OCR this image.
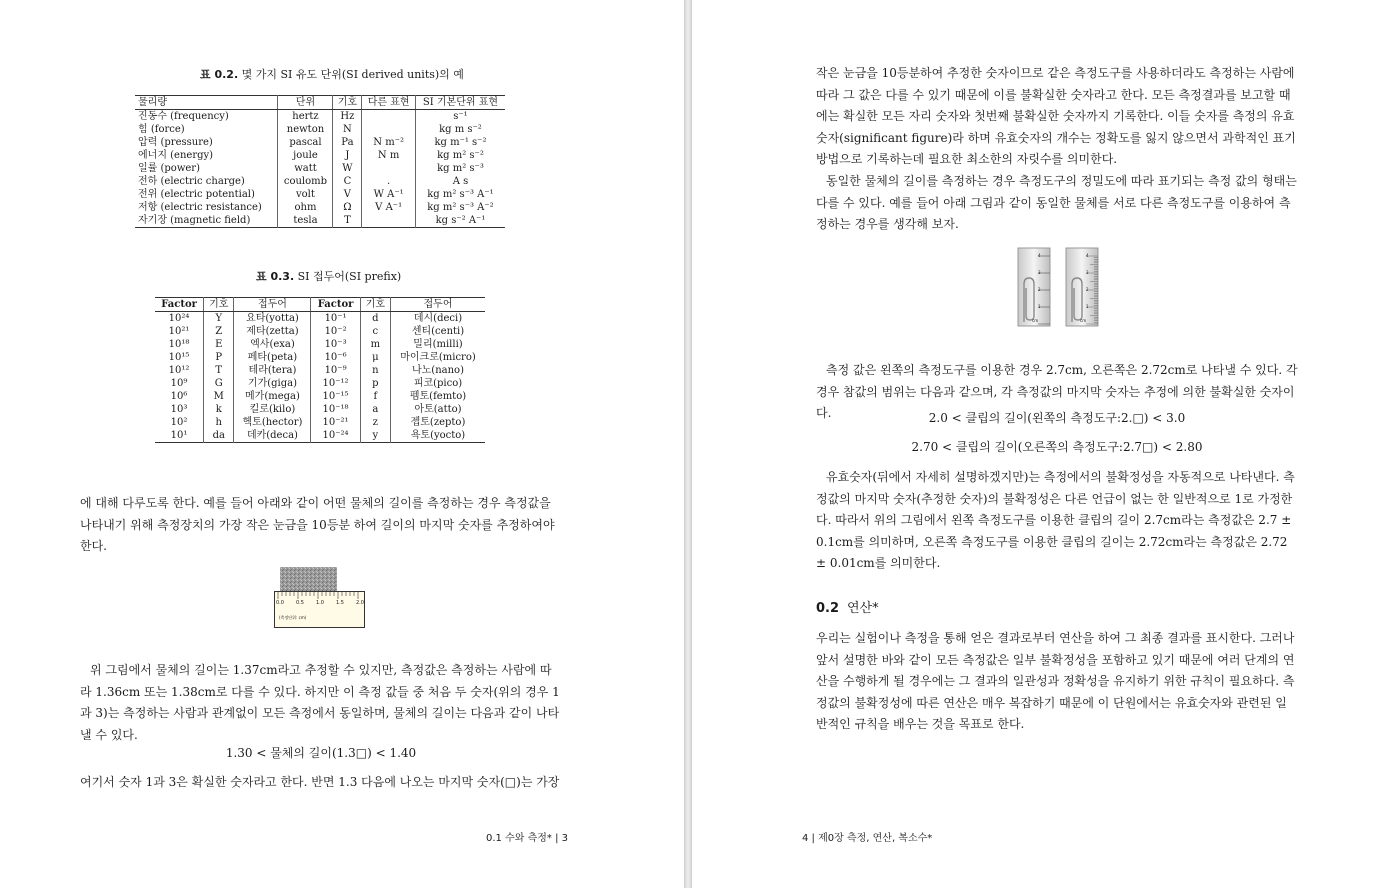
표 0.2. 몇 가지 SI 유도 단위(SI derived units)의 예
물리량	단위	기호	다른 표현	SI 기본단위 표현
진동수 (frequency)	hertz	Hz		s⁻¹
힘 (force)	newton	N		kg m s⁻²
압력 (pressure)	pascal	Pa	N m⁻²	kg m⁻¹ s⁻²
에너지 (energy)	joule	J	N m	kg m² s⁻²
일률 (power)	watt	W		kg m² s⁻³
전하 (electric charge)	coulomb	C	.	A s
전위 (electric potential)	volt	V	W A⁻¹	kg m² s⁻³ A⁻¹
저항 (electric resistance)	ohm	Ω	V A⁻¹	kg m² s⁻³ A⁻²
자기장 (magnetic field)	tesla	T		kg s⁻² A⁻¹
표 0.3. SI 접두어(SI prefix)
Factor	기호	접두어	Factor	기호	접두어
10²⁴	Y	요타(yotta)	10⁻¹	d	데시(deci)
10²¹	Z	제타(zetta)	10⁻²	c	센티(centi)
10¹⁸	E	엑사(exa)	10⁻³	m	밀리(milli)
10¹⁵	P	페타(peta)	10⁻⁶	μ	마이크로(micro)
10¹²	T	테라(tera)	10⁻⁹	n	나노(nano)
10⁹	G	기가(giga)	10⁻¹²	p	피코(pico)
10⁶	M	메가(mega)	10⁻¹⁵	f	펨토(femto)
10³	k	킬로(kilo)	10⁻¹⁸	a	아토(atto)
10²	h	헥토(hector)	10⁻²¹	z	젭토(zepto)
10¹	da	데카(deca)	10⁻²⁴	y	욕토(yocto)

에 대해 다루도록 한다. 예를 들어 아래와 같이 어떤 물체의 길이를 측정하는 경우 측정값을 나타내기 위해 측정장치의 가장 작은 눈금을 10등분 하여 길이의 마지막 숫자를 추정하여야 한다.

0.0 0.5 1.0 1.5 2.0
(측정단위: cm)

위 그림에서 물체의 길이는 1.37cm라고 추정할 수 있지만, 측정값은 측정하는 사람에 따라 1.36cm 또는 1.38cm로 다를 수 있다. 하지만 이 측정 값들 중 처음 두 숫자(위의 경우 1과 3)는 측정하는 사람과 관계없이 모든 측정에서 동일하며, 물체의 길이는 다음과 같이 나타낼 수 있다.

1.30 < 물체의 길이(1.3□) < 1.40

여기서 숫자 1과 3은 확실한 숫자라고 한다. 반면 1.3 다음에 나오는 마지막 숫자(□)는 가장

0.1 수와 측정* | 3

작은 눈금을 10등분하여 추정한 숫자이므로 같은 측정도구를 사용하더라도 측정하는 사람에 따라 그 값은 다를 수 있기 때문에 이를 불확실한 숫자라고 한다. 모든 측정결과를 보고할 때에는 확실한 모든 자리 숫자와 첫번째 불확실한 숫자까지 기록한다. 이들 숫자를 측정의 유효숫자(significant figure)라 하며 유효숫자의 개수는 정확도를 잃지 않으면서 과학적인 표기 방법으로 기록하는데 필요한 최소한의 자릿수를 의미한다.

동일한 물체의 길이를 측정하는 경우 측정도구의 정밀도에 따라 표기되는 측정 값의 형태는 다를 수 있다. 예를 들어 아래 그림과 같이 동일한 물체를 서로 다른 측정도구를 이용하여 측정하는 경우를 생각해 보자.

4
3
2
1
4
3
2
1
cm	cm

측정 값은 왼쪽의 측정도구를 이용한 경우 2.7cm, 오른쪽은 2.72cm로 나타낼 수 있다. 각 경우 참값의 범위는 다음과 같으며, 각 측정값의 마지막 숫자는 추정에 의한 불확실한 숫자이다.	2.0 < 클립의 길이(왼쪽의 측정도구:2.□) < 3.0
2.70 < 클립의 길이(오른쪽의 측정도구:2.7□) < 2.80

유효숫자(뒤에서 자세히 설명하겠지만)는 측정에서의 불확정성을 자동적으로 나타낸다. 측정값의 마지막 숫자(추정한 숫자)의 불확정성은 다른 언급이 없는 한 일반적으로 1로 가정한다. 따라서 위의 그림에서 왼쪽 측정도구를 이용한 클립의 길이 2.7cm라는 측정값은 2.7 ± 0.1cm를 의미하며, 오른쪽 측정도구를 이용한 클립의 길이는 2.72cm라는 측정값은 2.72 ± 0.01cm를 의미한다.

0.2 연산*

우리는 실험이나 측정을 통해 얻은 결과로부터 연산을 하여 그 최종 결과를 표시한다. 그러나 앞서 설명한 바와 같이 모든 측정값은 일부 불확정성을 포함하고 있기 때문에 여러 단계의 연산을 수행하게 될 경우에는 그 결과의 일관성과 정확성을 유지하기 위한 규칙이 필요하다. 측정값의 불확정성에 따른 연산은 매우 복잡하기 때문에 이 단원에서는 유효숫자와 관련된 일반적인 규칙을 배우는 것을 목표로 한다.

4 | 제0장 측정, 연산, 복소수*
